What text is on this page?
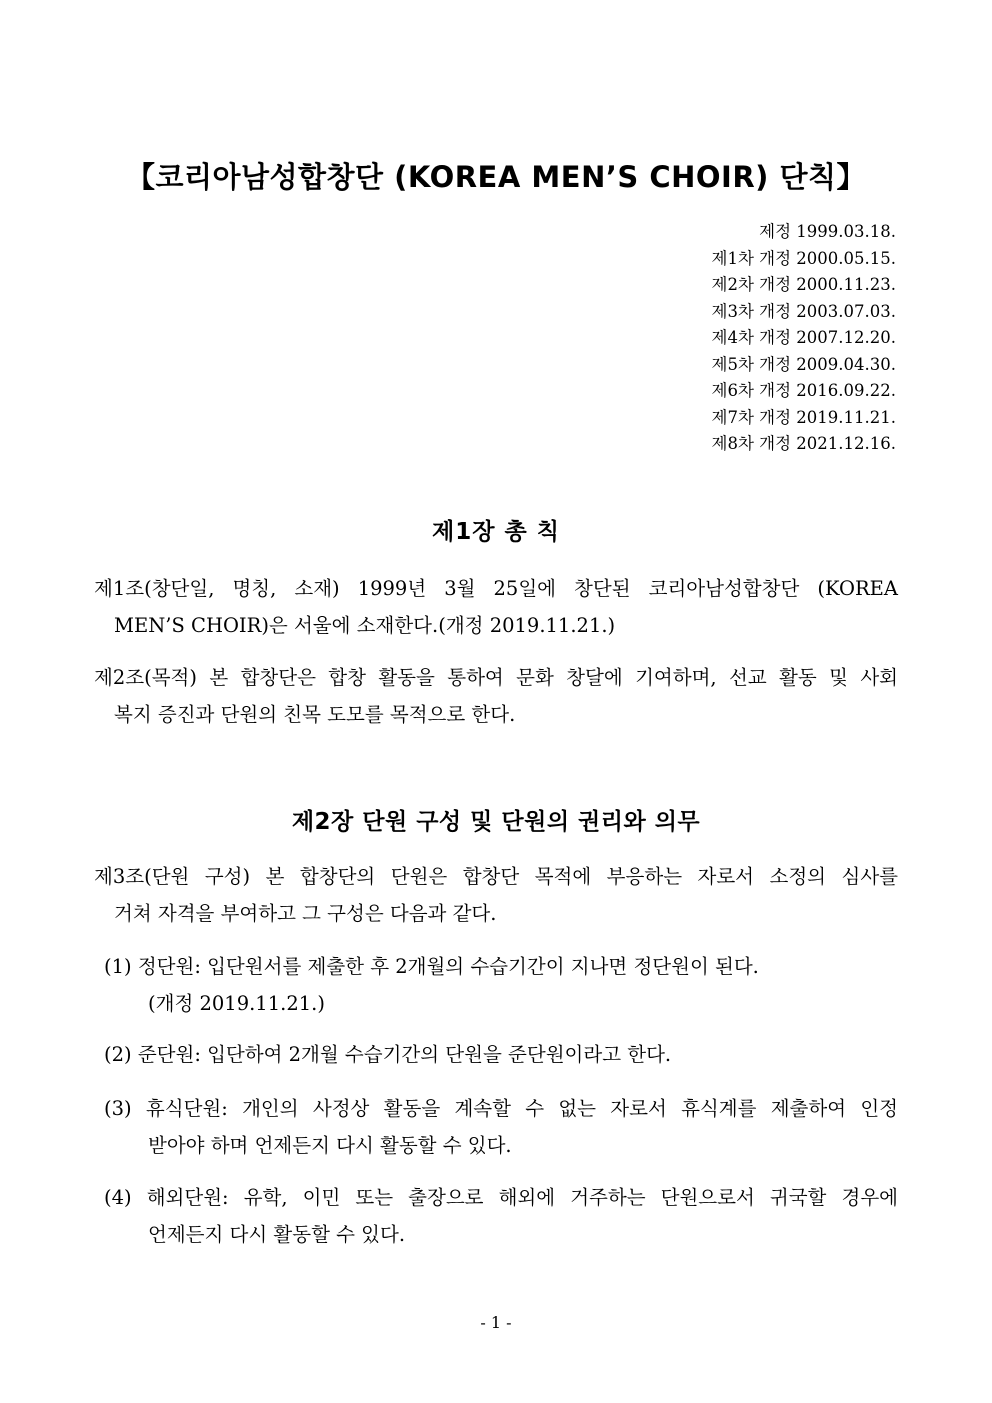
【코리아남성합창단 (KOREA MEN’S CHOIR) 단칙】
제정 1999.03.18.
제1차 개정 2000.05.15.
제2차 개정 2000.11.23.
제3차 개정 2003.07.03.
제4차 개정 2007.12.20.
제5차 개정 2009.04.30.
제6차 개정 2016.09.22.
제7차 개정 2019.11.21.
제8차 개정 2021.12.16.
제1장 총 칙
제1조(창단일, 명칭, 소재) 1999년 3월 25일에 창단된 코리아남성합창단 (KOREA
MEN’S CHOIR)은 서울에 소재한다.(개정 2019.11.21.)
제2조(목적) 본 합창단은 합창 활동을 통하여 문화 창달에 기여하며, 선교 활동 및 사회
복지 증진과 단원의 친목 도모를 목적으로 한다.
제2장 단원 구성 및 단원의 권리와 의무
제3조(단원 구성) 본 합창단의 단원은 합창단 목적에 부응하는 자로서 소정의 심사를
거쳐 자격을 부여하고 그 구성은 다음과 같다.
(1) 정단원: 입단원서를 제출한 후 2개월의 수습기간이 지나면 정단원이 된다.
(개정 2019.11.21.)
(2) 준단원: 입단하여 2개월 수습기간의 단원을 준단원이라고 한다.
(3) 휴식단원: 개인의 사정상 활동을 계속할 수 없는 자로서 휴식계를 제출하여 인정
받아야 하며 언제든지 다시 활동할 수 있다.
(4) 해외단원: 유학, 이민 또는 출장으로 해외에 거주하는 단원으로서 귀국할 경우에
언제든지 다시 활동할 수 있다.
- 1 -
